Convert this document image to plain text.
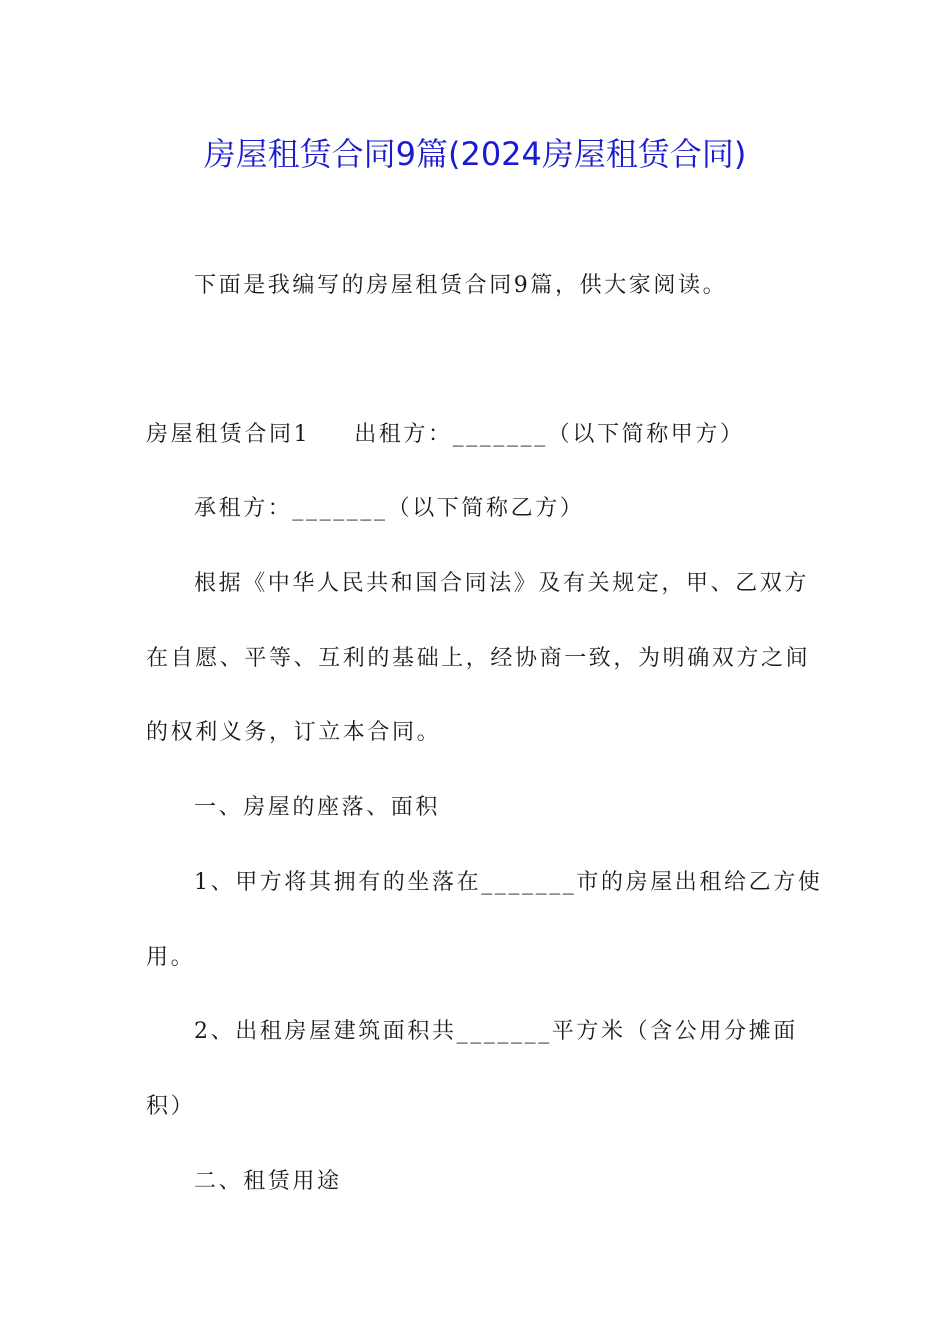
房屋租赁合同9篇(2024房屋租赁合同)

下面是我编写的房屋租赁合同9篇，供大家阅读。

房屋租赁合同1 出租方：_______（以下简称甲方）

承租方：_______（以下简称乙方）

根据《中华人民共和国合同法》及有关规定，甲、乙双方

在自愿、平等、互利的基础上，经协商一致，为明确双方之间

的权利义务，订立本合同。

一、房屋的座落、面积

1、甲方将其拥有的坐落在_______市的房屋出租给乙方使

用。

2、出租房屋建筑面积共_______平方米（含公用分摊面

积）

二、租赁用途
